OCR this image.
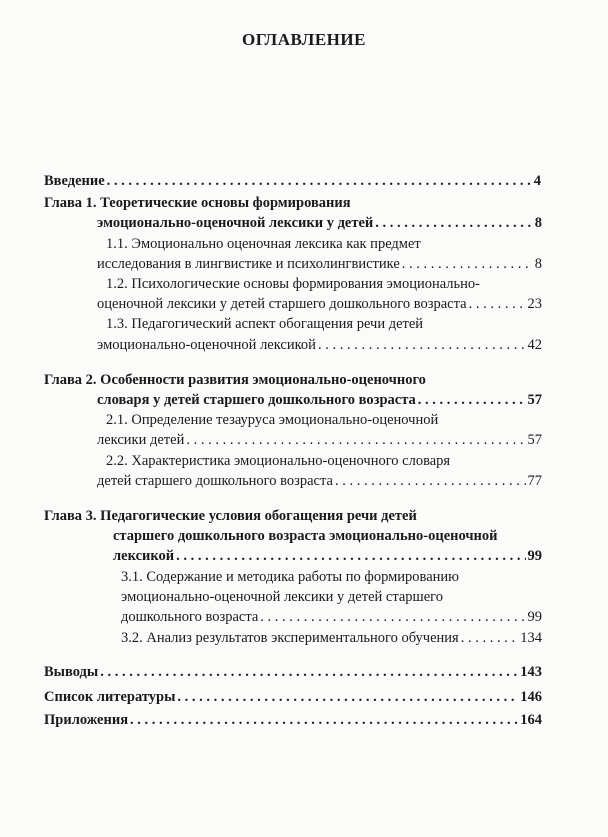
ОГЛАВЛЕНИЕ
Введение . . .	4
Глава 1. Теоретические основы формирования
эмоционально-оценочной лексики у детей . . .	8
1.1. Эмоционально оценочная лексика как предмет
исследования в лингвистике и психолингвистике . . .	8
1.2. Психологические основы формирования эмоционально-
оценочной лексики у детей старшего дошкольного возраста . . .	23
1.3. Педагогический аспект обогащения речи детей
эмоционально-оценочной лексикой . . .	42
Глава 2. Особенности развития эмоционально-оценочного
словаря у детей старшего дошкольного возраста . . .	57
2.1. Определение тезауруса эмоционально-оценочной
лексики детей . . .	57
2.2. Характеристика эмоционально-оценочного словаря
детей старшего дошкольного возраста . . .	77
Глава 3. Педагогические условия обогащения речи детей
старшего дошкольного возраста эмоционально-оценочной
лексикой . . .	99
3.1. Содержание и методика работы по формированию
эмоционально-оценочной лексики у детей старшего
дошкольного возраста . . .	99
3.2. Анализ результатов экспериментального обучения . . .	134
Выводы . . .	143
Список литературы . . .	146
Приложения . . .	164
